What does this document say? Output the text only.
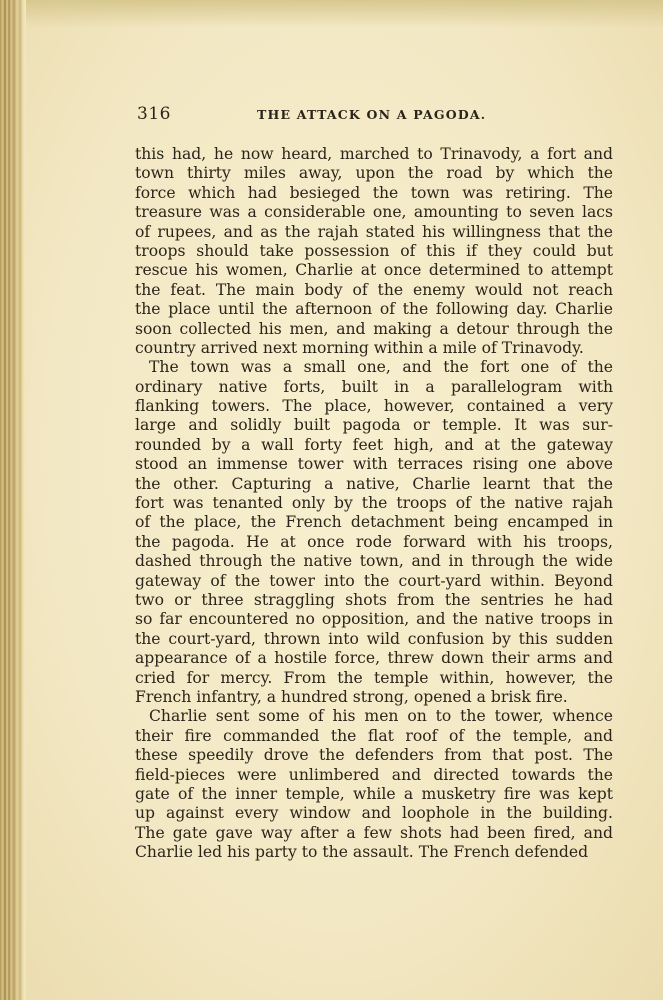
316	THE ATTACK ON A PAGODA.
this had, he now heard, marched to Trinavody, a fort and
town thirty miles away, upon the road by which the
force which had besieged the town was retiring. The
treasure was a considerable one, amounting to seven lacs
of rupees, and as the rajah stated his willingness that the
troops should take possession of this if they could but
rescue his women, Charlie at once determined to attempt
the feat. The main body of the enemy would not reach
the place until the afternoon of the following day. Charlie
soon collected his men, and making a detour through the
country arrived next morning within a mile of Trinavody.
The town was a small one, and the fort one of the
ordinary native forts, built in a parallelogram with
flanking towers. The place, however, contained a very
large and solidly built pagoda or temple. It was sur-
rounded by a wall forty feet high, and at the gateway
stood an immense tower with terraces rising one above
the other. Capturing a native, Charlie learnt that the
fort was tenanted only by the troops of the native rajah
of the place, the French detachment being encamped in
the pagoda. He at once rode forward with his troops,
dashed through the native town, and in through the wide
gateway of the tower into the court-yard within. Beyond
two or three straggling shots from the sentries he had
so far encountered no opposition, and the native troops in
the court-yard, thrown into wild confusion by this sudden
appearance of a hostile force, threw down their arms and
cried for mercy. From the temple within, however, the
French infantry, a hundred strong, opened a brisk fire.
Charlie sent some of his men on to the tower, whence
their fire commanded the flat roof of the temple, and
these speedily drove the defenders from that post. The
field-pieces were unlimbered and directed towards the
gate of the inner temple, while a musketry fire was kept
up against every window and loophole in the building.
The gate gave way after a few shots had been fired, and
Charlie led his party to the assault. The French defended
